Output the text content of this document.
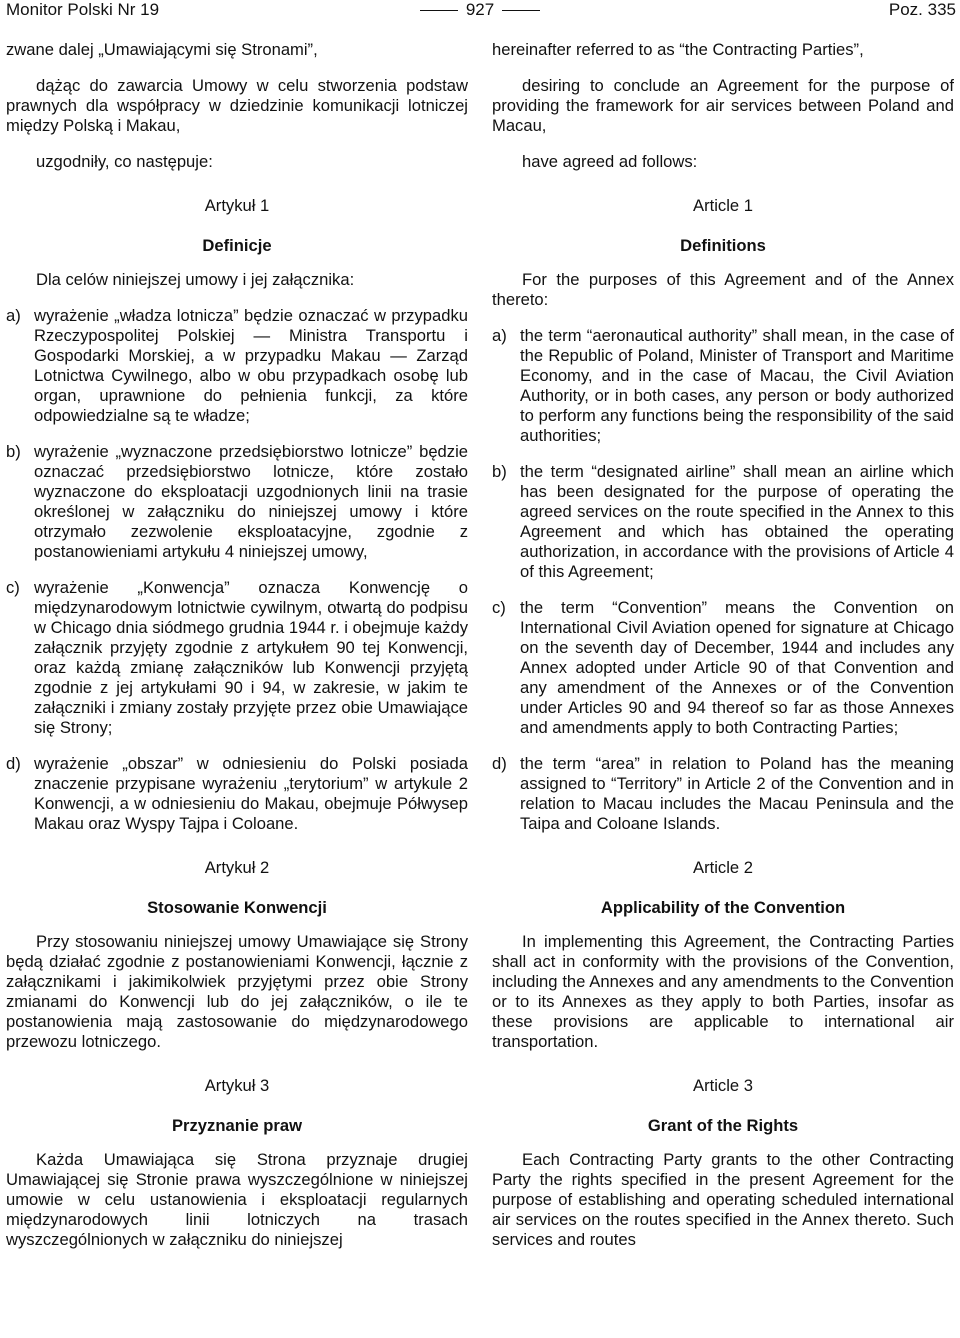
Monitor Polski Nr 19	927	Poz. 335

zwane dalej „Umawiającymi się Stronami”,

dążąc do zawarcia Umowy w celu stworzenia podstaw prawnych dla współpracy w dziedzinie komunikacji lotniczej między Polską i Makau,

uzgodniły, co następuje:

Artykuł 1
Definicje

Dla celów niniejszej umowy i jej załącznika:

a) wyrażenie „władza lotnicza” będzie oznaczać w przypadku Rzeczypospolitej Polskiej — Ministra Transportu i Gospodarki Morskiej, a w przypadku Makau — Zarząd Lotnictwa Cywilnego, albo w obu przypadkach osobę lub organ, uprawnione do pełnienia funkcji, za które odpowiedzialne są te władze;
b) wyrażenie „wyznaczone przedsiębiorstwo lotnicze” będzie oznaczać przedsiębiorstwo lotnicze, które zostało wyznaczone do eksploatacji uzgodnionych linii na trasie określonej w załączniku do niniejszej umowy i które otrzymało zezwolenie eksploatacyjne, zgodnie z postanowieniami artykułu 4 niniejszej umowy,
c) wyrażenie „Konwencja” oznacza Konwencję o międzynarodowym lotnictwie cywilnym, otwartą do podpisu w Chicago dnia siódmego grudnia 1944 r. i obejmuje każdy załącznik przyjęty zgodnie z artykułem 90 tej Konwencji, oraz każdą zmianę załączników lub Konwencji przyjętą zgodnie z jej artykułami 90 i 94, w zakresie, w jakim te załączniki i zmiany zostały przyjęte przez obie Umawiające się Strony;
d) wyrażenie „obszar” w odniesieniu do Polski posiada znaczenie przypisane wyrażeniu „terytorium” w artykule 2 Konwencji, a w odniesieniu do Makau, obejmuje Półwysep Makau oraz Wyspy Tajpa i Coloane.
Artykuł 2
Stosowanie Konwencji

Przy stosowaniu niniejszej umowy Umawiające się Strony będą działać zgodnie z postanowieniami Konwencji, łącznie z załącznikami i jakimikolwiek przyjętymi przez obie Strony zmianami do Konwencji lub do jej załączników, o ile te postanowienia mają zastosowanie do międzynarodowego przewozu lotniczego.

Artykuł 3
Przyznanie praw

Każda Umawiająca się Strona przyznaje drugiej Umawiającej się Stronie prawa wyszczególnione w niniejszej umowie w celu ustanowienia i eksploatacji regularnych międzynarodowych linii lotniczych na trasach wyszczególnionych w załączniku do niniejszej

hereinafter referred to as “the Contracting Parties”,

desiring to conclude an Agreement for the purpose of providing the framework for air services between Poland and Macau,

have agreed ad follows:

Article 1
Definitions

For the purposes of this Agreement and of the Annex thereto:

a) the term “aeronautical authority” shall mean, in the case of the Republic of Poland, Minister of Transport and Maritime Economy, and in the case of Macau, the Civil Aviation Authority, or in both cases, any person or body authorized to perform any functions being the responsibility of the said authorities;
b) the term “designated airline” shall mean an airline which has been designated for the purpose of operating the agreed services on the route specified in the Annex to this Agreement and which has obtained the operating authorization, in accordance with the provisions of Article 4 of this Agreement;
c) the term “Convention” means the Convention on International Civil Aviation opened for signature at Chicago on the seventh day of December, 1944 and includes any Annex adopted under Article 90 of that Convention and any amendment of the Annexes or of the Convention under Articles 90 and 94 thereof so far as those Annexes and amendments apply to both Contracting Parties;
d) the term “area” in relation to Poland has the meaning assigned to “Territory” in Article 2 of the Convention and in relation to Macau includes the Macau Peninsula and the Taipa and Coloane Islands.
Article 2
Applicability of the Convention

In implementing this Agreement, the Contracting Parties shall act in conformity with the provisions of the Convention, including the Annexes and any amendments to the Convention or to its Annexes as they apply to both Parties, insofar as these provisions are applicable to international air transportation.

Article 3
Grant of the Rights

Each Contracting Party grants to the other Contracting Party the rights specified in the present Agreement for the purpose of establishing and operating scheduled international air services on the routes specified in the Annex thereto. Such services and routes
